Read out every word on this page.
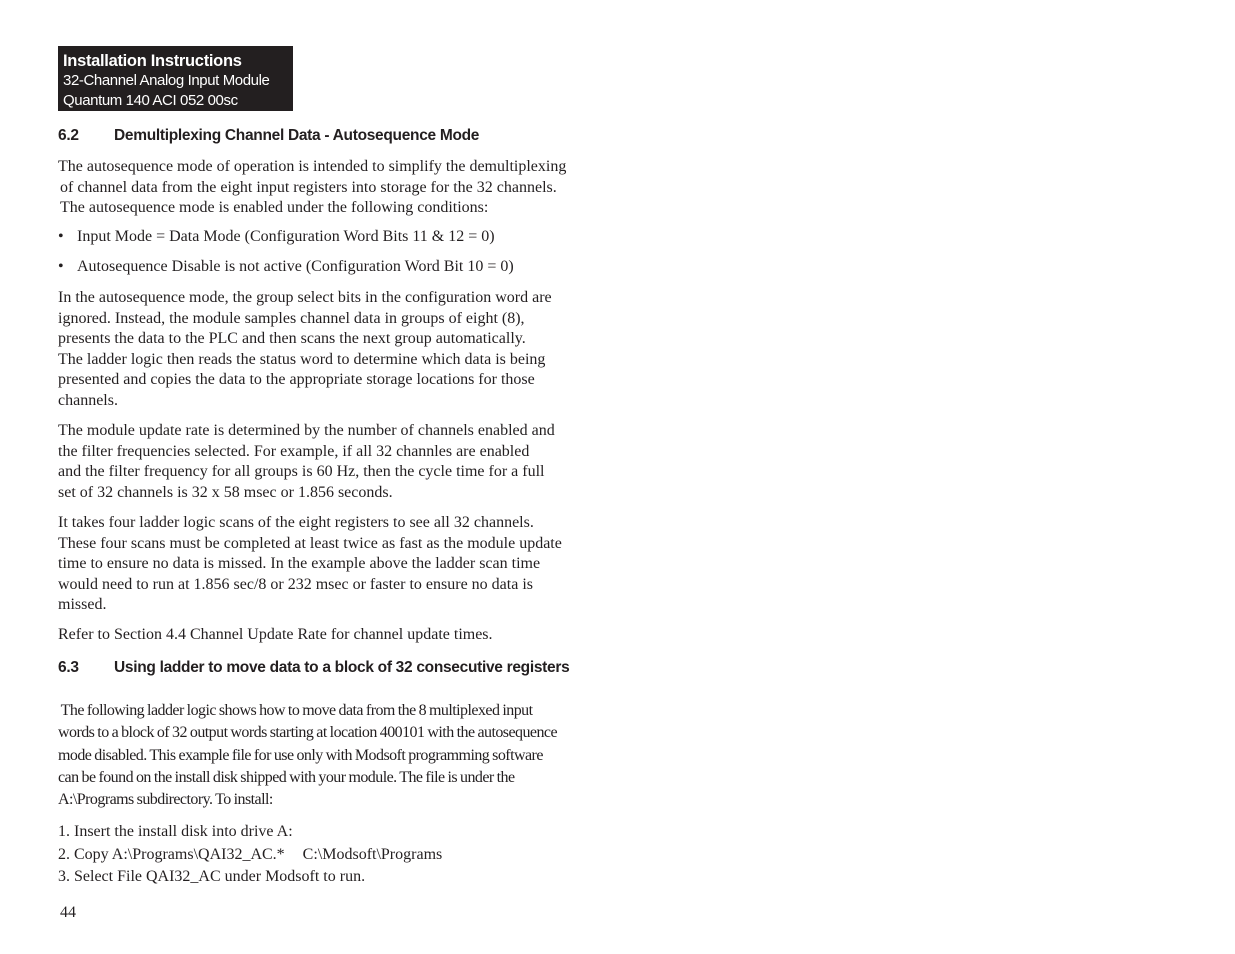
Installation Instructions
32-Channel Analog Input Module
Quantum 140 ACI 052 00sc
6.2 Demultiplexing Channel Data - Autosequence Mode
The autosequence mode of operation is intended to simplify the demultiplexing
of channel data from the eight input registers into storage for the 32 channels.
The autosequence mode is enabled under the following conditions:
• Input Mode = Data Mode (Configuration Word Bits 11 & 12 = 0)
• Autosequence Disable is not active (Configuration Word Bit 10 = 0)
In the autosequence mode, the group select bits in the configuration word are
ignored. Instead, the module samples channel data in groups of eight (8),
presents the data to the PLC and then scans the next group automatically.
The ladder logic then reads the status word to determine which data is being
presented and copies the data to the appropriate storage locations for those
channels.
The module update rate is determined by the number of channels enabled and
the filter frequencies selected. For example, if all 32 channles are enabled
and the filter frequency for all groups is 60 Hz, then the cycle time for a full
set of 32 channels is 32 x 58 msec or 1.856 seconds.
It takes four ladder logic scans of the eight registers to see all 32 channels.
These four scans must be completed at least twice as fast as the module update
time to ensure no data is missed. In the example above the ladder scan time
would need to run at 1.856 sec/8 or 232 msec or faster to ensure no data is
missed.
Refer to Section 4.4 Channel Update Rate for channel update times.
6.3 Using ladder to move data to a block of 32 consecutive registers
The following ladder logic shows how to move data from the 8 multiplexed input
words to a block of 32 output words starting at location 400101 with the autosequence
mode disabled. This example file for use only with Modsoft programming software
can be found on the install disk shipped with your module. The file is under the
A:\Programs subdirectory. To install:
1. Insert the install disk into drive A:
2. Copy A:\Programs\QAI32_AC.* C:\Modsoft\Programs
3. Select File QAI32_AC under Modsoft to run.
44
